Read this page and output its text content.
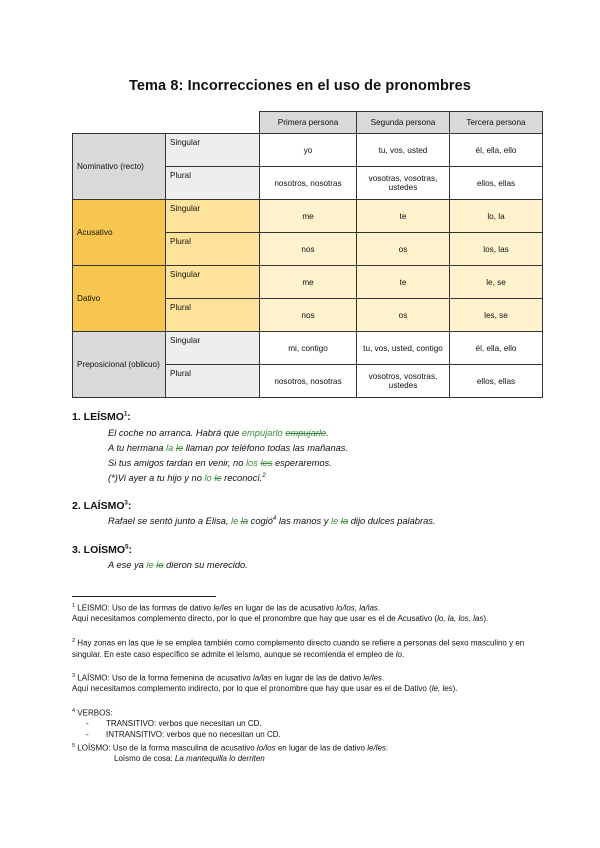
Tema 8: Incorrecciones en el uso de pronombres
		Primera persona	Segunda persona	Tercera persona
Nominativo (recto)	Singular	yo	tu, vos, usted	él, ella, ello
	Plural	nosotros, nosotras	vosotras, vosotras, ustedes	ellos, ellas
Acusativo	Singular	me	te	lo, la
	Plural	nos	os	los, las
Dativo	Singular	me	te	le, se
	Plural	nos	os	les, se
Preposicional (oblicuo)	Singular	mi, contigo	tu, vos, usted, contigo	él, ella, ello
	Plural	nosotros, nosotras	vosotros, vosotras, ustedes	ellos, ellas
1. LEÍSMO$^1$:
El coche no arranca. Habrá que empujarlo empujarle.
A tu hermana la le llaman por teléfono todas las mañanas.
Si tus amigos tardan en venir, no los les esperaremos.
(*)Vi ayer a tu hijo y no lo le reconocí.$^2$
2. LAÍSMO$^3$:
Rafael se sentó junto a Elisa, le la cogió$^4$ las manos y le la dijo dulces palabras.
3. LOÍSMO$^5$:
A ese ya le lo dieron su merecido.
$^1$ LEISMO: Uso de las formas de dativo le/les en lugar de las de acusativo lo/los, la/las.
Aquí necesitamos complemento directo, por lo que el pronombre que hay que usar es el de Acusativo (lo, la, los, las).
$^2$ Hay zonas en las que le se emplea también como complemento directo cuando se refiere a personas del sexo masculino y en singular. En este caso específico se admite el leísmo, aunque se recomienda el empleo de lo.
$^3$ LAÍSMO: Uso de la forma femenina de acusativo la/las en lugar de las de dativo le/les.
Aquí necesitamos complemento indirecto, por lo que el pronombre que hay que usar es el de Dativo (le, les).
$^4$ VERBOS:
- TRANSITIVO: verbos que necesitan un CD.
- INTRANSITIVO: verbos que no necesitan un CD.
$^5$ LOÍSMO: Uso de la forma masculina de acusativo lo/los en lugar de las de dativo le/les.
Loísmo de cosa: La mantequilla lo derriten
